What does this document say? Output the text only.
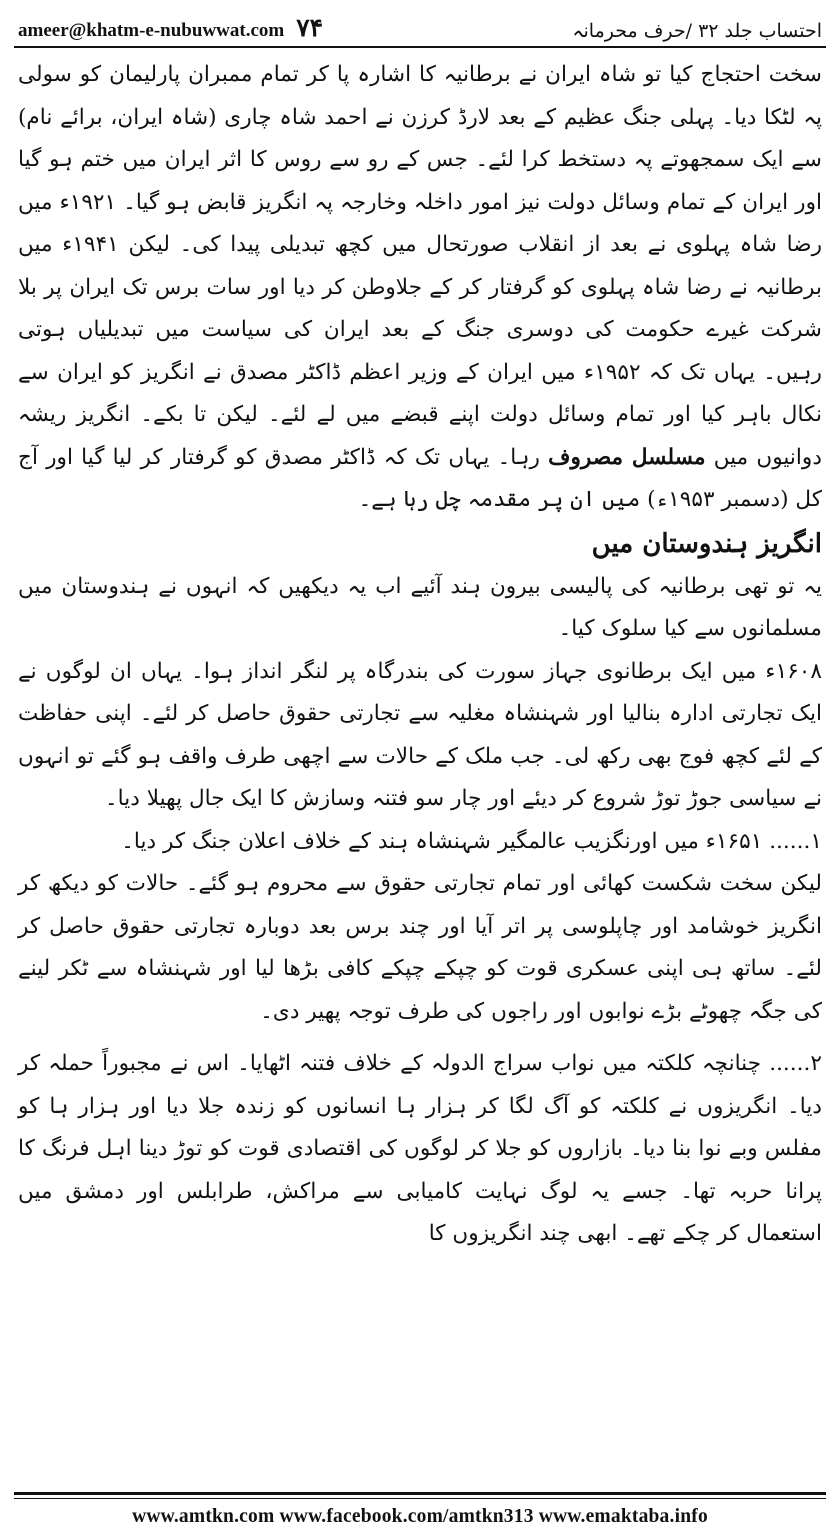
ameer@khatm-e-nubuwwat.com ۷۴	احتساب جلد ۳۲ /حرف محرمانہ

سخت احتجاج کیا تو شاہ ایران نے برطانیہ کا اشارہ پا کر تمام ممبران پارلیمان کو سولی پہ لٹکا دیا۔ پہلی جنگ عظیم کے بعد لارڈ کرزن نے احمد شاہ چاری (شاہ ایران، برائے نام) سے ایک سمجھوتے پہ دستخط کرا لئے۔ جس کے رو سے روس کا اثر ایران میں ختم ہو گیا اور ایران کے تمام وسائل دولت نیز امور داخلہ وخارجہ پہ انگریز قابض ہو گیا۔ ۱۹۲۱ء میں رضا شاہ پہلوی نے بعد از انقلاب صورتحال میں کچھ تبدیلی پیدا کی۔ لیکن ۱۹۴۱ء میں برطانیہ نے رضا شاہ پہلوی کو گرفتار کر کے جلاوطن کر دیا اور سات برس تک ایران پر بلا شرکت غیرے حکومت کی دوسری جنگ کے بعد ایران کی سیاست میں تبدیلیاں ہوتی رہیں۔ یہاں تک کہ ۱۹۵۲ء میں ایران کے وزیر اعظم ڈاکٹر مصدق نے انگریز کو ایران سے نکال باہر کیا اور تمام وسائل دولت اپنے قبضے میں لے لئے۔ لیکن تا بکے۔ انگریز ریشہ دوانیوں میں مسلسل مصروف رہا۔ یہاں تک کہ ڈاکٹر مصدق کو گرفتار کر لیا گیا اور آج کل (دسمبر ۱۹۵۳ء) میں ان پر مقدمہ چل رہا ہے۔

انگریز ہندوستان میں

یہ تو تھی برطانیہ کی پالیسی بیرون ہند آئیے اب یہ دیکھیں کہ انہوں نے ہندوستان میں مسلمانوں سے کیا سلوک کیا۔

۱۶۰۸ء میں ایک برطانوی جہاز سورت کی بندرگاہ پر لنگر انداز ہوا۔ یہاں ان لوگوں نے ایک تجارتی ادارہ بنالیا اور شہنشاہ مغلیہ سے تجارتی حقوق حاصل کر لئے۔ اپنی حفاظت کے لئے کچھ فوج بھی رکھ لی۔ جب ملک کے حالات سے اچھی طرف واقف ہو گئے تو انہوں نے سیاسی جوڑ توڑ شروع کر دیئے اور چار سو فتنہ وسازش کا ایک جال پھیلا دیا۔

۱...... ۱۶۵۱ء میں اورنگزیب عالمگیر شہنشاہ ہند کے خلاف اعلان جنگ کر دیا۔

لیکن سخت شکست کھائی اور تمام تجارتی حقوق سے محروم ہو گئے۔ حالات کو دیکھ کر انگریز خوشامد اور چاپلوسی پر اتر آیا اور چند برس بعد دوبارہ تجارتی حقوق حاصل کر لئے۔ ساتھ ہی اپنی عسکری قوت کو چپکے چپکے کافی بڑھا لیا اور شہنشاہ سے ٹکر لینے کی جگہ چھوٹے بڑے نوابوں اور راجوں کی طرف توجہ پھیر دی۔

۲...... چنانچہ کلکتہ میں نواب سراج الدولہ کے خلاف فتنہ اٹھایا۔ اس نے مجبوراً حملہ کر دیا۔ انگریزوں نے کلکتہ کو آگ لگا کر ہزار ہا انسانوں کو زندہ جلا دیا اور ہزار ہا کو مفلس وبے نوا بنا دیا۔ بازاروں کو جلا کر لوگوں کی اقتصادی قوت کو توڑ دینا اہل فرنگ کا پرانا حربہ تھا۔ جسے یہ لوگ نہایت کامیابی سے مراکش، طرابلس اور دمشق میں استعمال کر چکے تھے۔ ابھی چند انگریزوں کا

www.amtkn.com www.facebook.com/amtkn313 www.emaktaba.info
